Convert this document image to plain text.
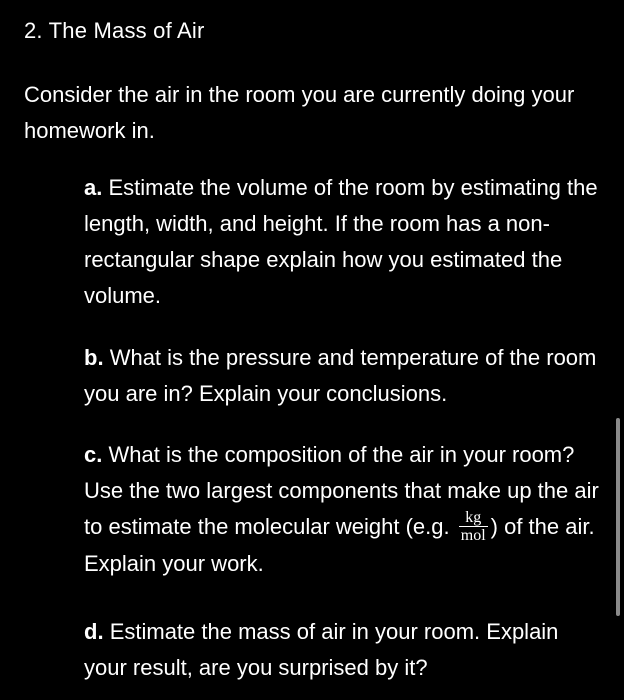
2. The Mass of Air

Consider the air in the room you are currently doing your homework in.

a. Estimate the volume of the room by estimating the length, width, and height. If the room has a non-rectangular shape explain how you estimated the volume.

b. What is the pressure and temperature of the room you are in? Explain your conclusions.

c. What is the composition of the air in your room? Use the two largest components that make up the air to estimate the molecular weight (e.g. $\frac{kg}{\text{mol}}$ ) of the air. Explain your work.

d. Estimate the mass of air in your room. Explain your result, are you surprised by it?
